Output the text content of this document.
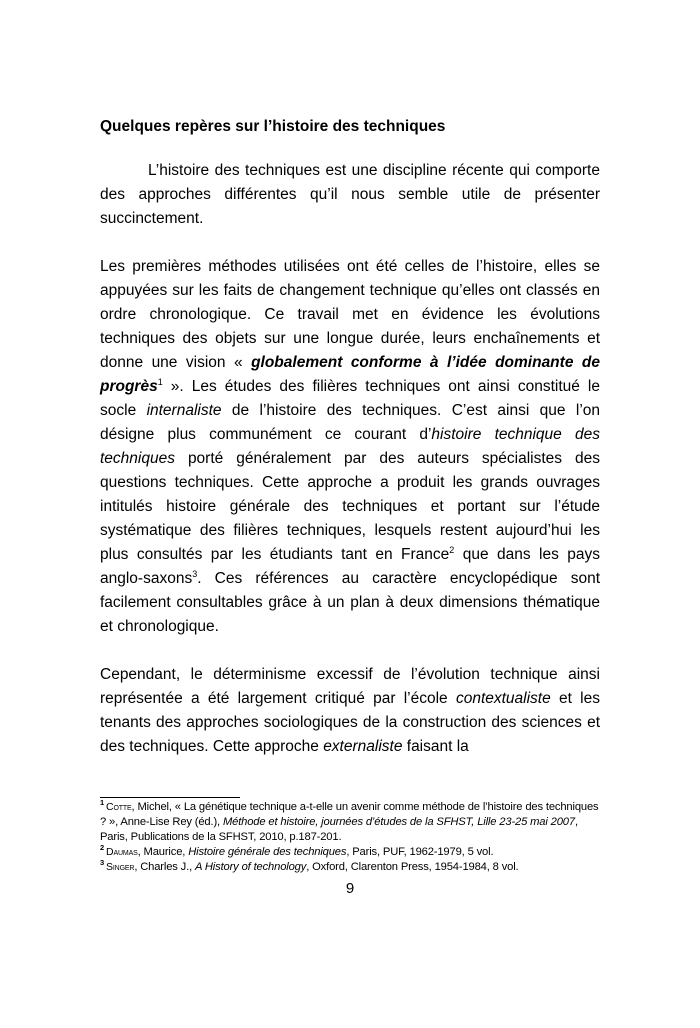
Quelques repères sur l’histoire des techniques

L’histoire des techniques est une discipline récente qui comporte des approches différentes qu’il nous semble utile de présenter succinctement.

Les premières méthodes utilisées ont été celles de l’histoire, elles se appuyées sur les faits de changement technique qu’elles ont classés en ordre chronologique. Ce travail met en évidence les évolutions techniques des objets sur une longue durée, leurs enchaînements et donne une vision « globalement conforme à l’idée dominante de progrès$^1$ ». Les études des filières techniques ont ainsi constitué le socle internaliste de l’histoire des techniques. C’est ainsi que l’on désigne plus communément ce courant d’histoire technique des techniques porté généralement par des auteurs spécialistes des questions techniques. Cette approche a produit les grands ouvrages intitulés histoire générale des techniques et portant sur l’étude systématique des filières techniques, lesquels restent aujourd’hui les plus consultés par les étudiants tant en France$^2$ que dans les pays anglo-saxons$^3$. Ces références au caractère encyclopédique sont facilement consultables grâce à un plan à deux dimensions thématique et chronologique.

Cependant, le déterminisme excessif de l’évolution technique ainsi représentée a été largement critiqué par l’école contextualiste et les tenants des approches sociologiques de la construction des sciences et des techniques. Cette approche externaliste faisant la

$^1$ Cotte, Michel, « La génétique technique a-t-elle un avenir comme méthode de l’histoire des techniques ? », Anne-Lise Rey (éd.), Méthode et histoire, journées d’études de la SFHST, Lille 23-25 mai 2007, Paris, Publications de la SFHST, 2010, p.187-201.

$^2$ Daumas, Maurice, Histoire générale des techniques, Paris, PUF, 1962-1979, 5 vol.

$^3$ Singer, Charles J., A History of technology, Oxford, Clarenton Press, 1954-1984, 8 vol.

9
